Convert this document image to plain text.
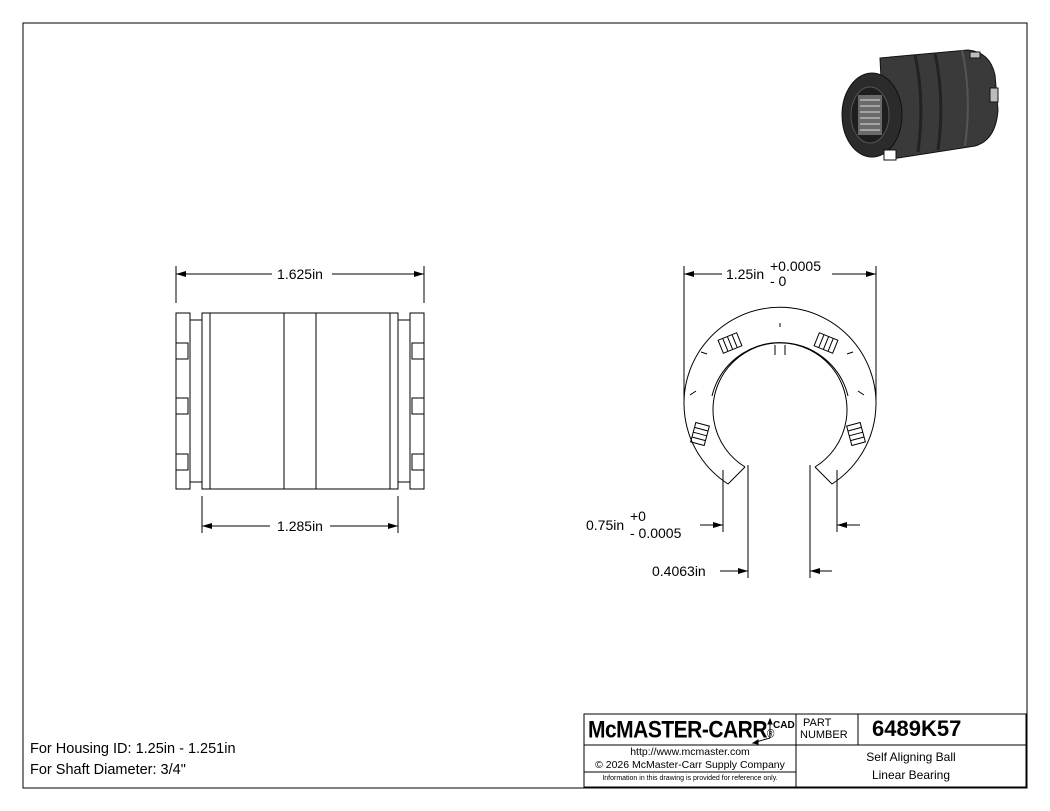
1.625in
1.285in
1.25in +0.0005
- 0
0.75in
+0
- 0.0005
0.4063in
McMASTER-CARR®
CAD PART
NUMBER 6489K57
http://www.mcmaster.com
© 2026 McMaster-Carr Supply Company
Information in this drawing is provided for reference only.
Self Aligning Ball
Linear Bearing
For Housing ID: 1.25in - 1.251in
For Shaft Diameter: 3/4"
